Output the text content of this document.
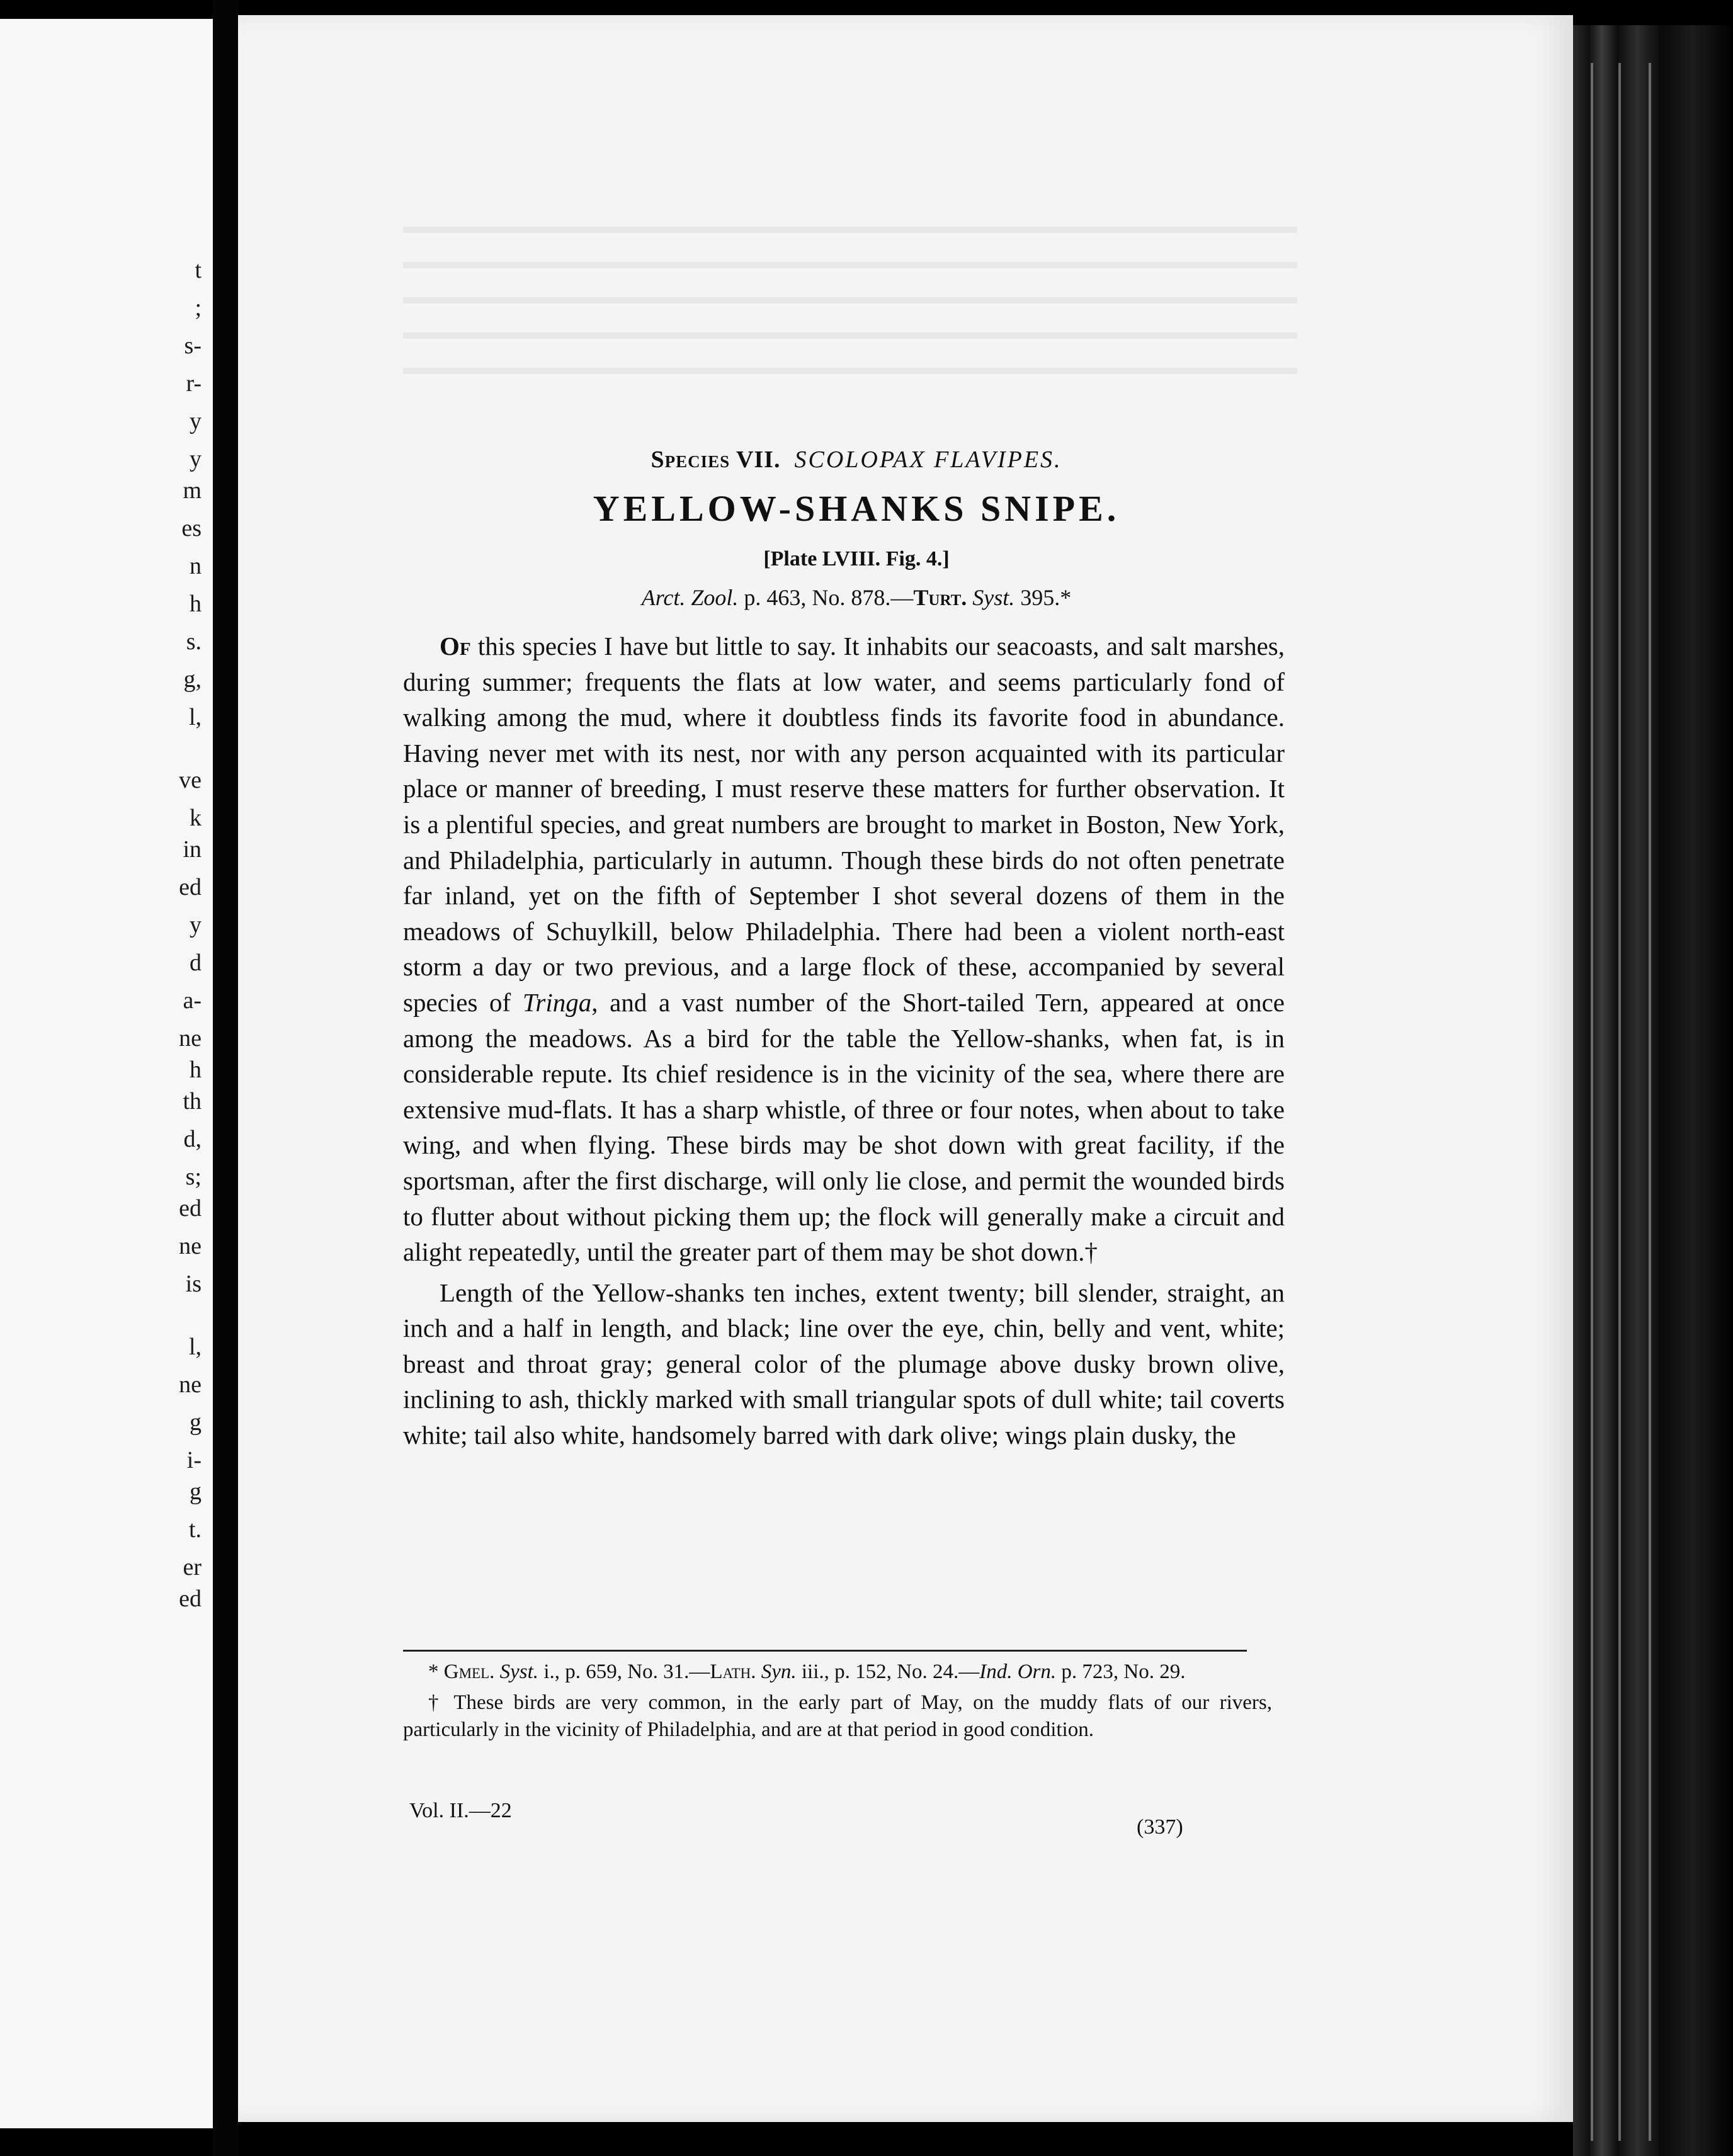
t
;
s-
r-
y
y
m
es
n
h
s.
g,
l,
ve
k
in
ed
y
d
a-
ne
h
th
d,
s;
ed
ne
is
l,
ne
g
i-
g
t.
er
ed
Species VII. SCOLOPAX FLAVIPES.
YELLOW-SHANKS SNIPE.
[Plate LVIII. Fig. 4.]
Arct. Zool. p. 463, No. 878.—Turt. Syst. 395.*

Of this species I have but little to say. It inhabits our seacoasts, and salt marshes, during summer; frequents the flats at low water, and seems particularly fond of walking among the mud, where it doubtless finds its favorite food in abundance. Having never met with its nest, nor with any person acquainted with its particular place or manner of breeding, I must reserve these matters for further observation. It is a plentiful species, and great numbers are brought to market in Boston, New York, and Philadelphia, particularly in autumn. Though these birds do not often penetrate far inland, yet on the fifth of September I shot several dozens of them in the meadows of Schuylkill, below Philadelphia. There had been a violent north-east storm a day or two previous, and a large flock of these, accompanied by several species of Tringa, and a vast number of the Short-tailed Tern, appeared at once among the meadows. As a bird for the table the Yellow-shanks, when fat, is in considerable repute. Its chief residence is in the vicinity of the sea, where there are extensive mud-flats. It has a sharp whistle, of three or four notes, when about to take wing, and when flying. These birds may be shot down with great facility, if the sportsman, after the first discharge, will only lie close, and permit the wounded birds to flutter about without picking them up; the flock will generally make a circuit and alight repeatedly, until the greater part of them may be shot down.†

Length of the Yellow-shanks ten inches, extent twenty; bill slender, straight, an inch and a half in length, and black; line over the eye, chin, belly and vent, white; breast and throat gray; general color of the plumage above dusky brown olive, inclining to ash, thickly marked with small triangular spots of dull white; tail coverts white; tail also white, handsomely barred with dark olive; wings plain dusky, the

* Gmel. Syst. i., p. 659, No. 31.—Lath. Syn. iii., p. 152, No. 24.—Ind. Orn. p. 723, No. 29.

† These birds are very common, in the early part of May, on the muddy flats of our rivers, particularly in the vicinity of Philadelphia, and are at that period in good condition.

Vol. II.—22
(337)
